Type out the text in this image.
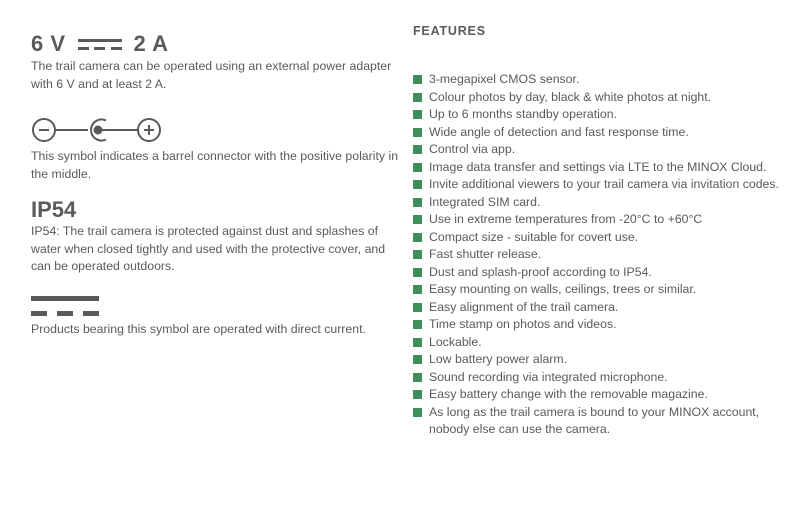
6 V	2 A

The trail camera can be operated using an external power adapter with 6 V and at least 2 A.

This symbol indicates a barrel connector with the positive polarity in the middle.

IP54

IP54: The trail camera is protected against dust and splashes of water when closed tightly and used with the protective cover, and can be operated outdoors.

Products bearing this symbol are operated with direct current.

FEATURES
3-megapixel CMOS sensor.
Colour photos by day, black & white photos at night.
Up to 6 months standby operation.
Wide angle of detection and fast response time.
Control via app.
Image data transfer and settings via LTE to the MINOX Cloud.
Invite additional viewers to your trail camera via invitation codes.
Integrated SIM card.
Use in extreme temperatures from -20°C to +60°C
Compact size - suitable for covert use.
Fast shutter release.
Dust and splash-proof according to IP54.
Easy mounting on walls, ceilings, trees or similar.
Easy alignment of the trail camera.
Time stamp on photos and videos.
Lockable.
Low battery power alarm.
Sound recording via integrated microphone.
Easy battery change with the removable magazine.
As long as the trail camera is bound to your MINOX account, nobody else can use the camera.
